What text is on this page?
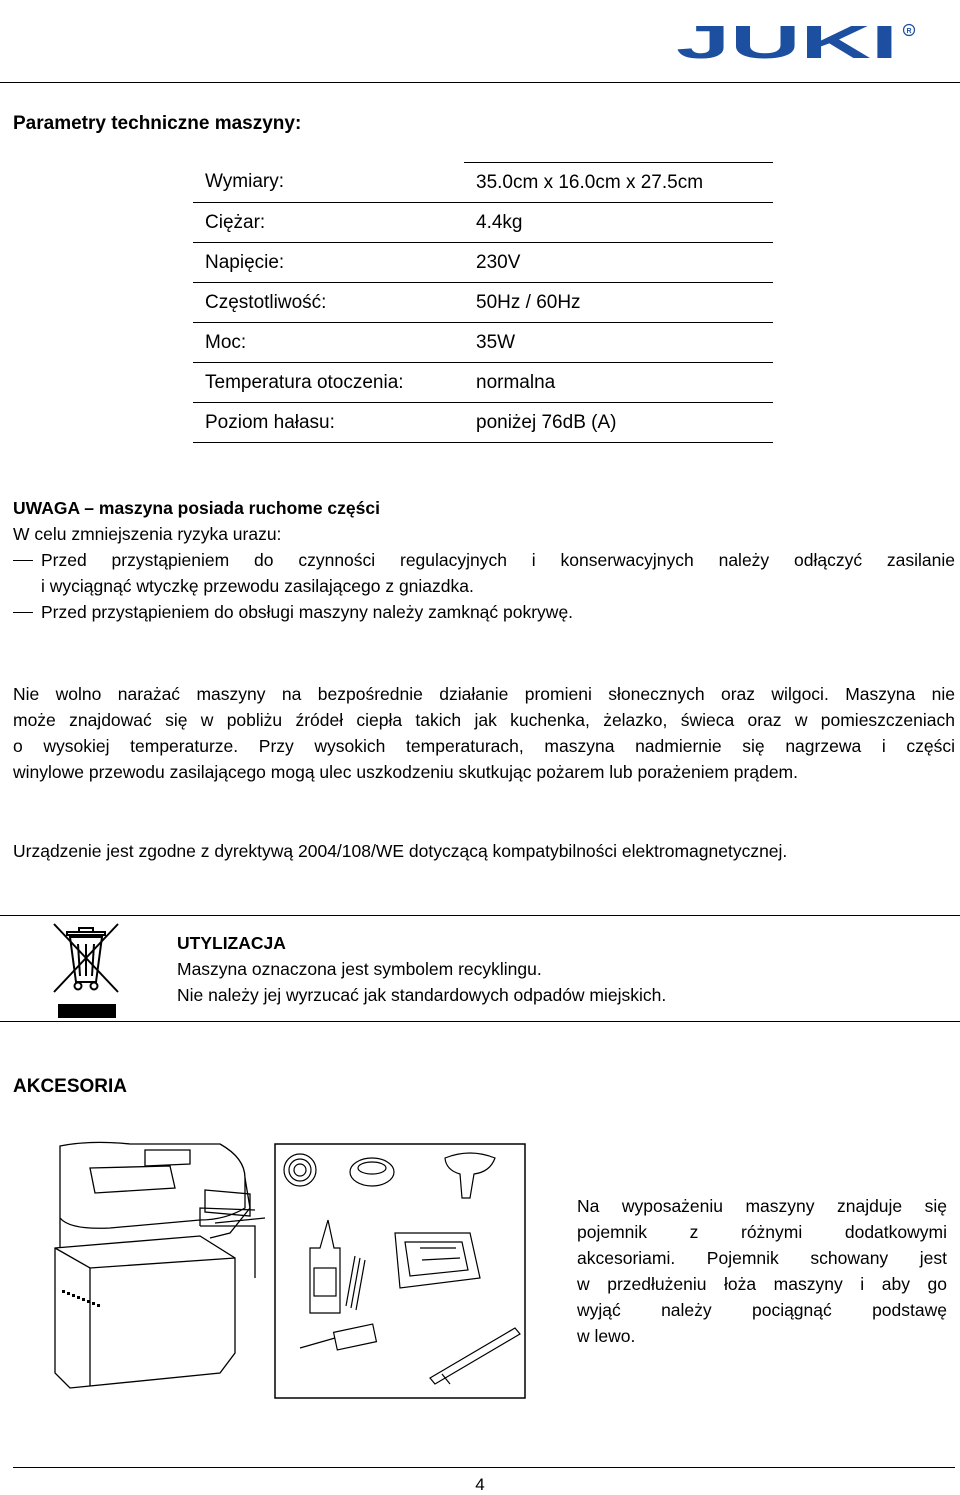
JUKI R
Parametry techniczne maszyny:
Wymiary:	35.0cm x 16.0cm x 27.5cm
Ciężar:	4.4kg
Napięcie:	230V
Częstotliwość:	50Hz / 60Hz
Moc:	35W
Temperatura otoczenia:	normalna
Poziom hałasu:	poniżej 76dB (A)
UWAGA – maszyna posiada ruchome części
W celu zmniejszenia ryzyka urazu:
Przed przystąpieniem do czynności regulacyjnych i konserwacyjnych należy odłączyć zasilanie
i wyciągnąć wtyczkę przewodu zasilającego z gniazdka.
Przed przystąpieniem do obsługi maszyny należy zamknąć pokrywę.
Nie wolno narażać maszyny na bezpośrednie działanie promieni słonecznych oraz wilgoci. Maszyna nie
może znajdować się w pobliżu źródeł ciepła takich jak kuchenka, żelazko, świeca oraz w pomieszczeniach
o wysokiej temperaturze. Przy wysokich temperaturach, maszyna nadmiernie się nagrzewa i części
winylowe przewodu zasilającego mogą ulec uszkodzeniu skutkując pożarem lub porażeniem prądem.
Urządzenie jest zgodne z dyrektywą 2004/108/WE dotyczącą kompatybilności elektromagnetycznej.
UTYLIZACJA
Maszyna oznaczona jest symbolem recyklingu.
Nie należy jej wyrzucać jak standardowych odpadów miejskich.
AKCESORIA
Na wyposażeniu maszyny znajduje się
pojemnik z różnymi dodatkowymi
akcesoriami. Pojemnik schowany jest
w przedłużeniu łoża maszyny i aby go
wyjąć należy pociągnąć podstawę
w lewo.
4
